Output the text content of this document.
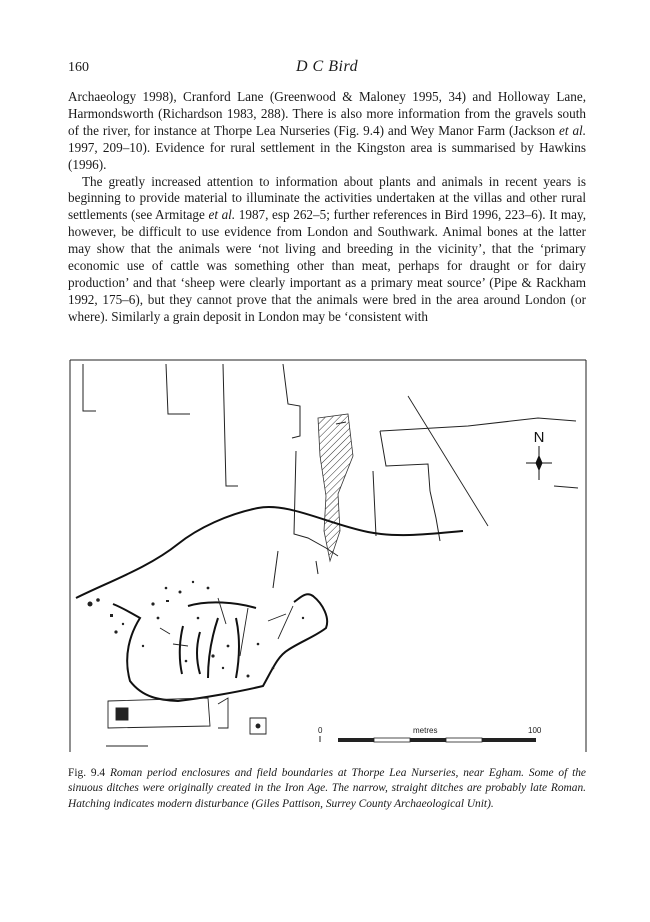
160	D C Bird

Archaeology 1998), Cranford Lane (Greenwood & Maloney 1995, 34) and Holloway Lane, Harmondsworth (Richardson 1983, 288). There is also more information from the gravels south of the river, for instance at Thorpe Lea Nurseries (Fig. 9.4) and Wey Manor Farm (Jackson et al. 1997, 209–10). Evidence for rural settlement in the Kingston area is summarised by Hawkins (1996).

The greatly increased attention to information about plants and animals in recent years is beginning to provide material to illuminate the activities undertaken at the villas and other rural settlements (see Armitage et al. 1987, esp 262–5; further references in Bird 1996, 223–6). It may, however, be difficult to use evidence from London and Southwark. Animal bones at the latter may show that the animals were ‘not living and breeding in the vicinity’, that the ‘primary economic use of cattle was something other than meat, perhaps for draught or for dairy production’ and that ‘sheep were clearly important as a primary meat source’ (Pipe & Rackham 1992, 175–6), but they cannot prove that the animals were bred in the area around London (or where). Similarly a grain deposit in London may be ‘consistent with

N
0	metres	100

Fig. 9.4 Roman period enclosures and field boundaries at Thorpe Lea Nurseries, near Egham. Some of the sinuous ditches were originally created in the Iron Age. The narrow, straight ditches are probably late Roman. Hatching indicates modern disturbance (Giles Pattison, Surrey County Archaeological Unit).
